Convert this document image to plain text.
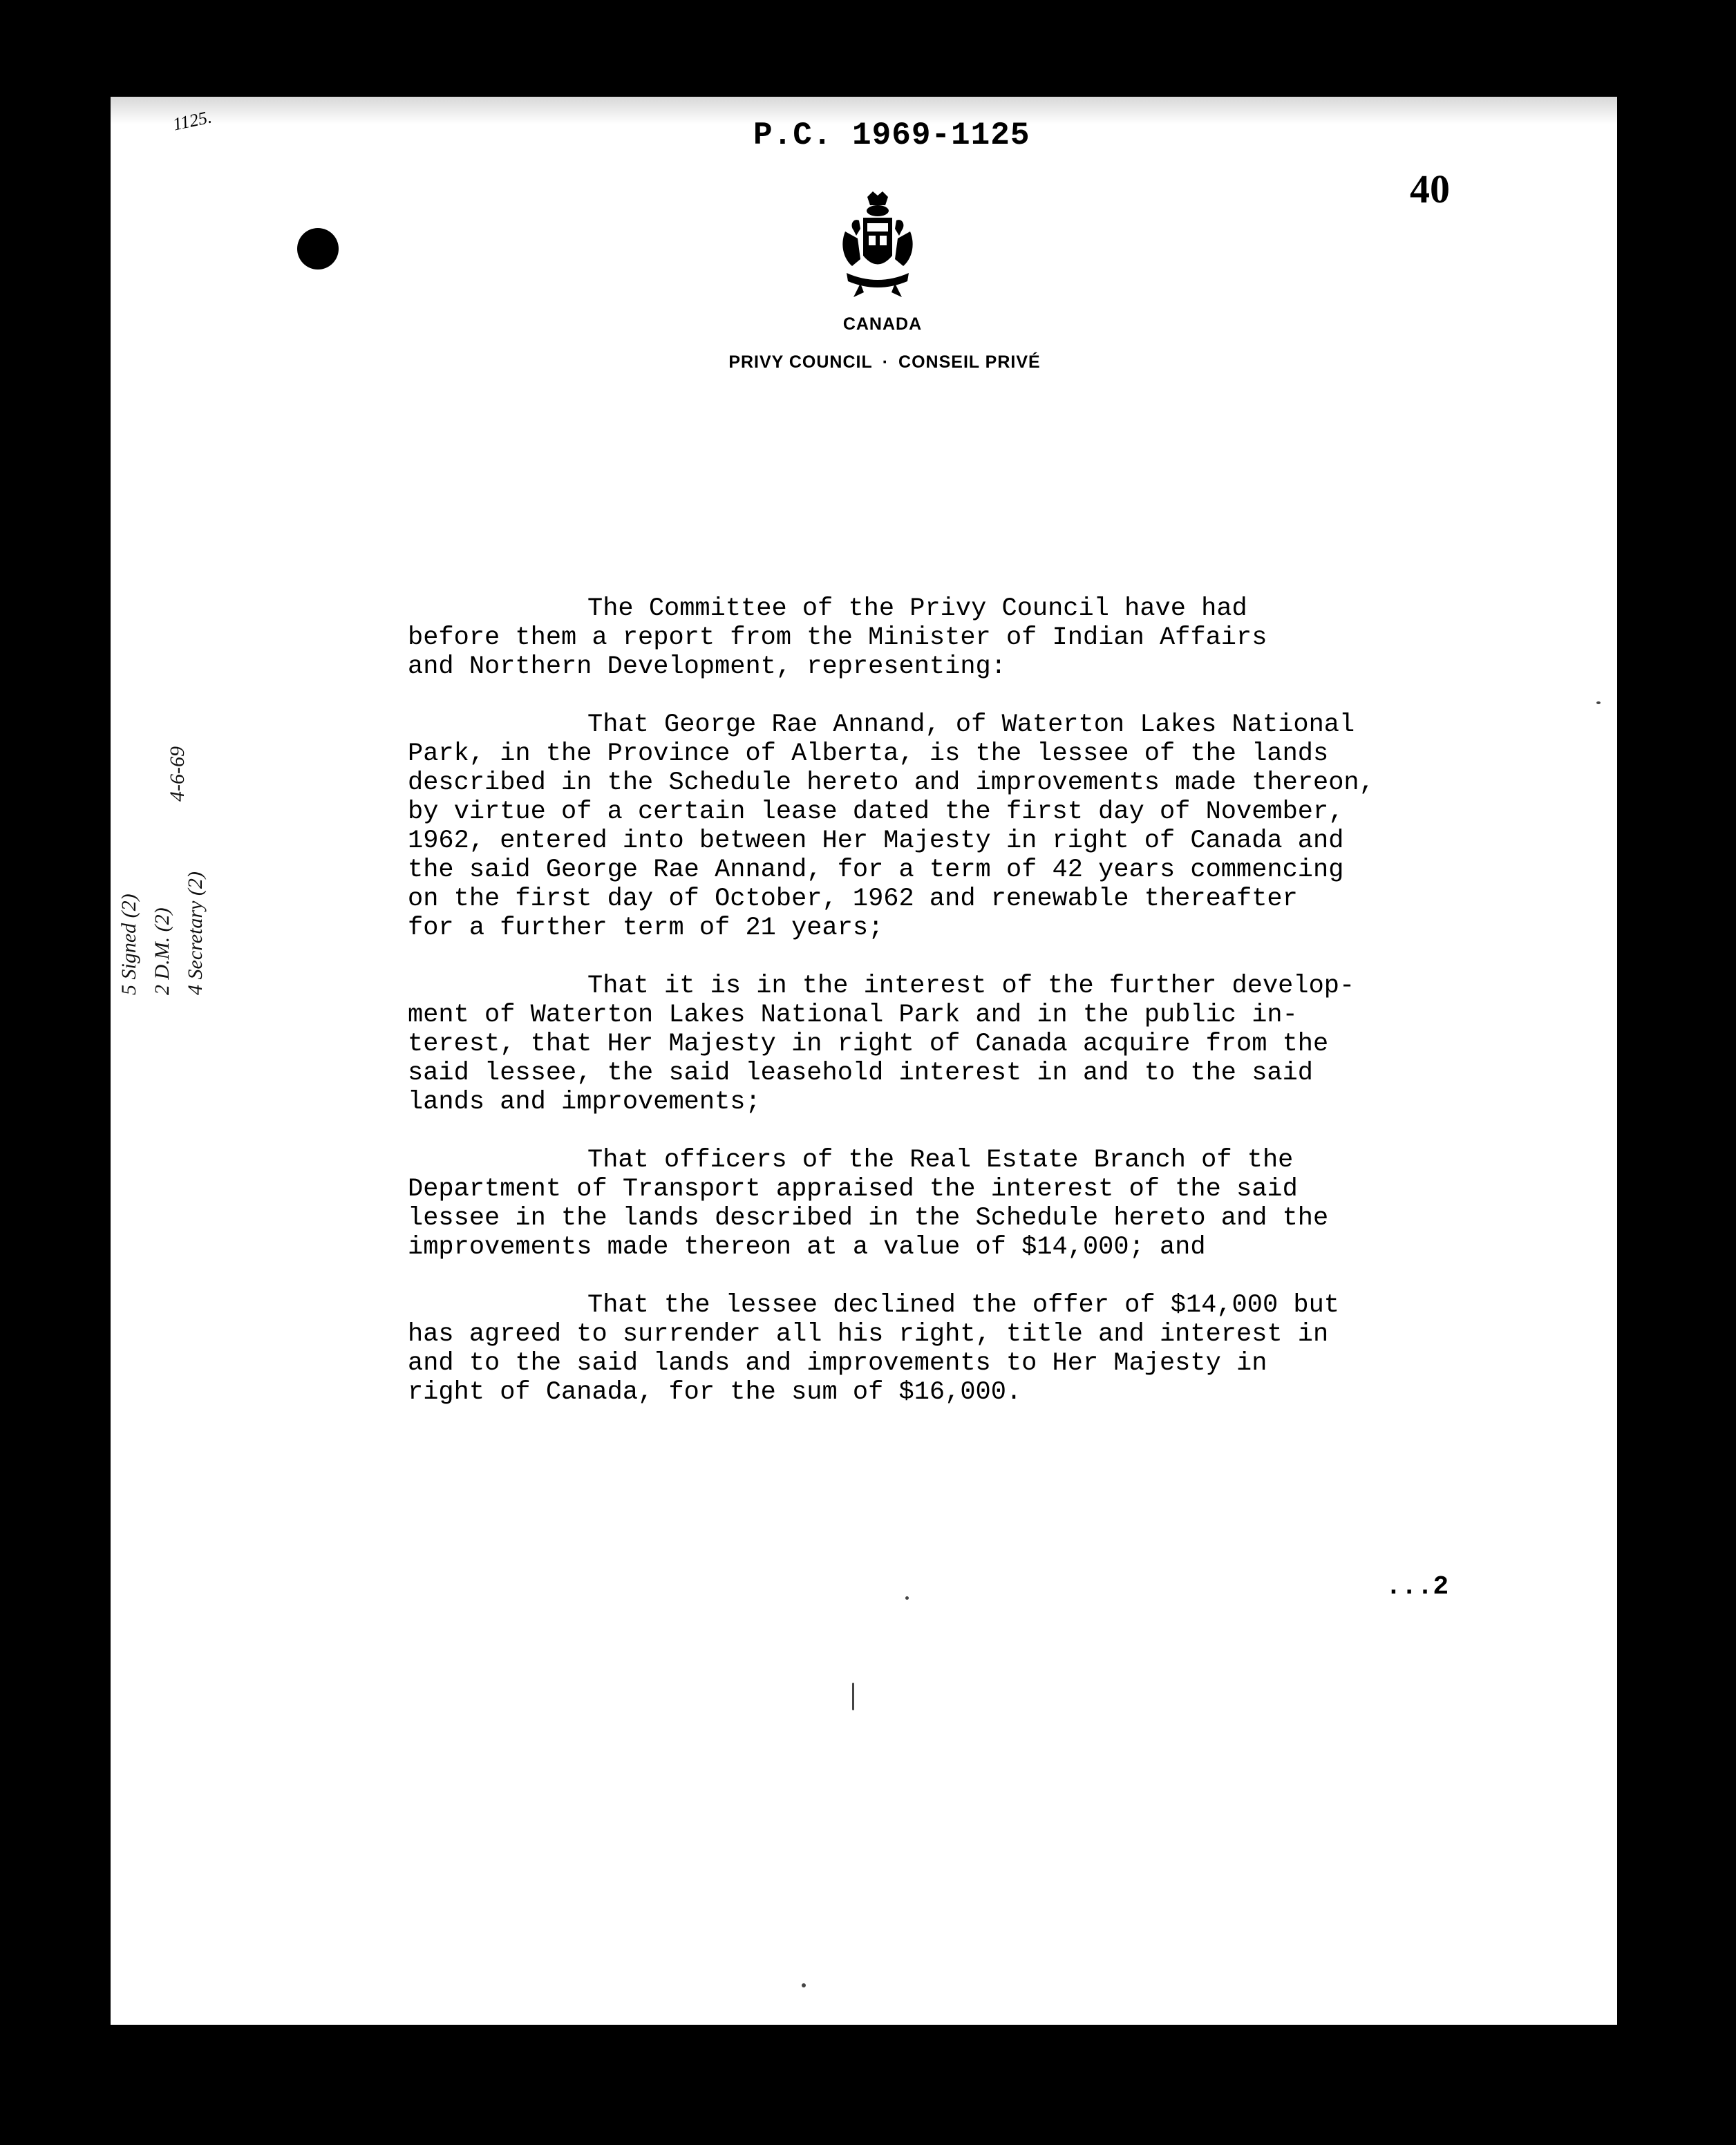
1125.	P.C. 1969-1125
40
CANADA
PRIVY COUNCIL · CONSEIL PRIVÉ
5 Signed (2) 2 D.M. (2) 4 Secretary (2)
4-6-69
The Committee of the Privy Council have had
before them a report from the Minister of Indian Affairs
and Northern Development, representing:
That George Rae Annand, of Waterton Lakes National
Park, in the Province of Alberta, is the lessee of the lands
described in the Schedule hereto and improvements made thereon,
by virtue of a certain lease dated the first day of November,
1962, entered into between Her Majesty in right of Canada and
the said George Rae Annand, for a term of 42 years commencing
on the first day of October, 1962 and renewable thereafter
for a further term of 21 years;
That it is in the interest of the further develop-
ment of Waterton Lakes National Park and in the public in-
terest, that Her Majesty in right of Canada acquire from the
said lessee, the said leasehold interest in and to the said
lands and improvements;
That officers of the Real Estate Branch of the
Department of Transport appraised the interest of the said
lessee in the lands described in the Schedule hereto and the
improvements made thereon at a value of $14,000; and
That the lessee declined the offer of $14,000 but
has agreed to surrender all his right, title and interest in
and to the said lands and improvements to Her Majesty in
right of Canada, for the sum of $16,000.
...2
